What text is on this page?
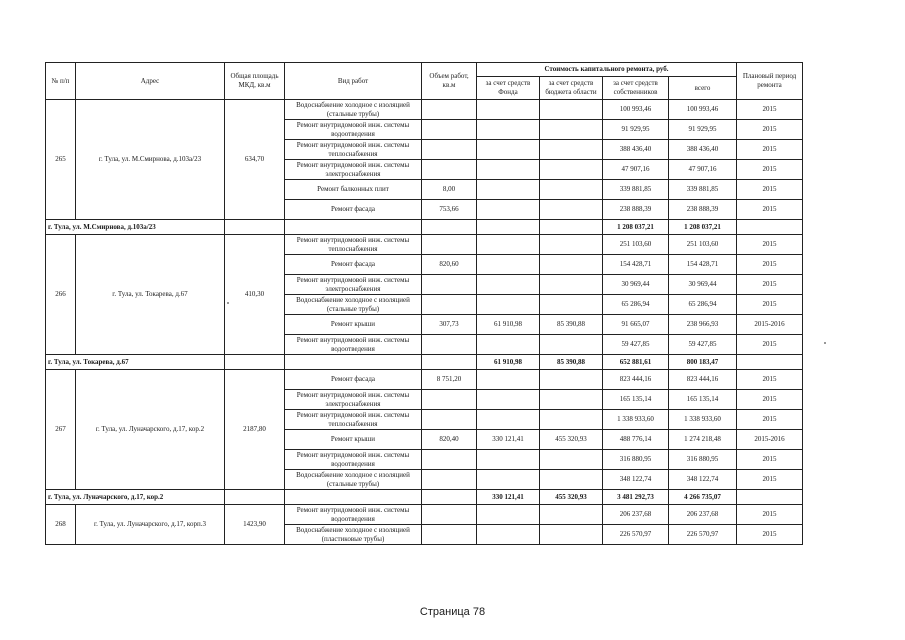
№ п/п	Адрес	Общая площадь МКД, кв.м	Вид работ	Объем работ, кв.м	Стоимость капитального ремонта, руб.				Плановый период ремонта
					за счет средств Фонда	за счет средств бюджета области	за счет средств собственников	всего	
265	г. Тула, ул. М.Смирнова, д.103а/23	634,70	Водоснабжение холодное с изоляцией (стальные трубы)				100 993,46	100 993,46	2015
			Ремонт внутридомовой инж. системы водоотведения				91 929,95	91 929,95	2015
			Ремонт внутридомовой инж. системы теплоснабжения				388 436,40	388 436,40	2015
			Ремонт внутридомовой инж. системы электроснабжения				47 907,16	47 907,16	2015
			Ремонт балконных плит	8,00			339 881,85	339 881,85	2015
			Ремонт фасада	753,66			238 888,39	238 888,39	2015
г. Тула, ул. М.Смирнова, д.103а/23							1 208 037,21	1 208 037,21	
266	г. Тула, ул. Токарева, д.67	410,30	Ремонт внутридомовой инж. системы теплоснабжения				251 103,60	251 103,60	2015
			Ремонт фасада	820,60			154 428,71	154 428,71	2015
			Ремонт внутридомовой инж. системы электроснабжения				30 969,44	30 969,44	2015
			Водоснабжение холодное с изоляцией (стальные трубы)				65 286,94	65 286,94	2015
			Ремонт крыши	307,73	61 910,98	85 390,88	91 665,07	238 966,93	2015-2016
			Ремонт внутридомовой инж. системы водоотведения				59 427,85	59 427,85	2015
г. Тула, ул. Токарева, д.67					61 910,98	85 390,88	652 881,61	800 183,47	
267	г. Тула, ул. Луначарского, д.17, кор.2	2187,80	Ремонт фасада	8 751,20			823 444,16	823 444,16	2015
			Ремонт внутридомовой инж. системы электроснабжения				165 135,14	165 135,14	2015
			Ремонт внутридомовой инж. системы теплоснабжения				1 338 933,60	1 338 933,60	2015
			Ремонт крыши	820,40	330 121,41	455 320,93	488 776,14	1 274 218,48	2015-2016
			Ремонт внутридомовой инж. системы водоотведения				316 880,95	316 880,95	2015
			Водоснабжение холодное с изоляцией (стальные трубы)				348 122,74	348 122,74	2015
г. Тула, ул. Луначарского, д.17, кор.2					330 121,41	455 320,93	3 481 292,73	4 266 735,07	
268	г. Тула, ул. Луначарского, д.17, корп.3	1423,90	Ремонт внутридомовой инж. системы водоотведения				206 237,68	206 237,68	2015
			Водоснабжение холодное с изоляцией (пластиковые трубы)				226 570,97	226 570,97	2015
Страница 78
